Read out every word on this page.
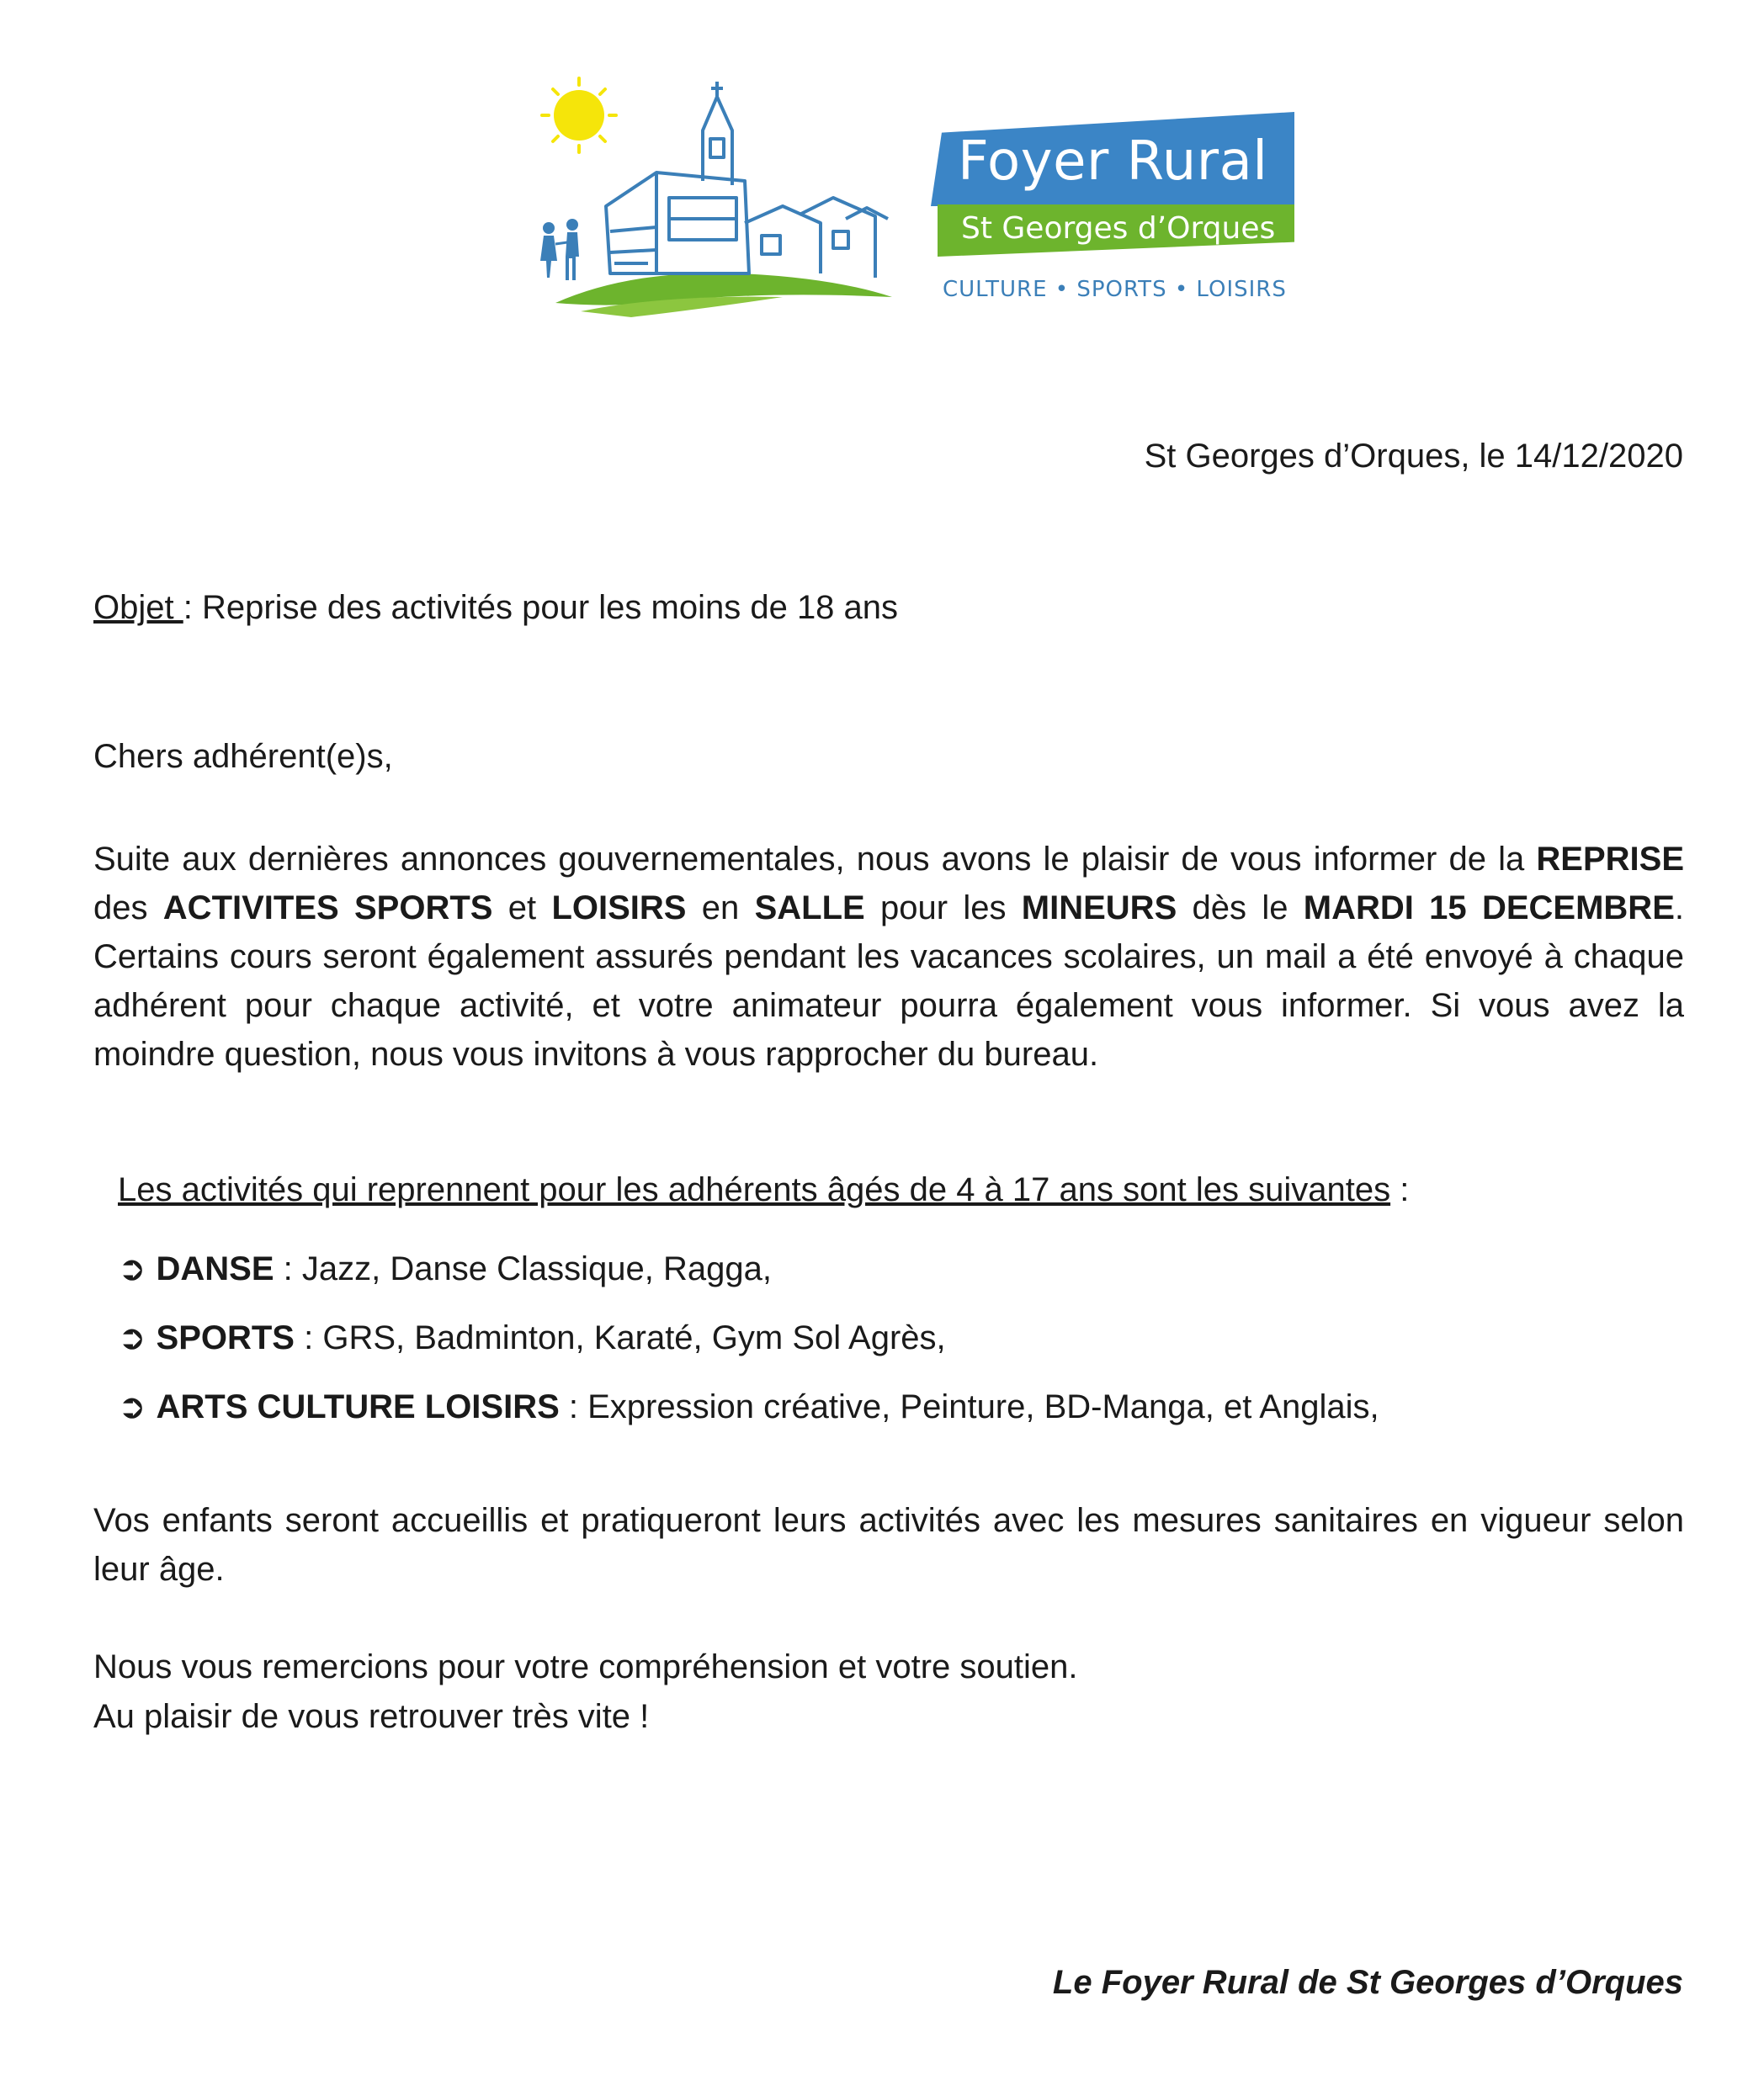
Foyer Rural
St Georges d’Orques
CULTURE • SPORTS • LOISIRS
St Georges d’Orques, le 14/12/2020
Objet : Reprise des activités pour les moins de 18 ans
Chers adhérent(e)s,
Suite aux dernières annonces gouvernementales, nous avons le plaisir de vous informer de la REPRISE des ACTIVITES SPORTS et LOISIRS en SALLE pour les MINEURS dès le MARDI 15 DECEMBRE. Certains cours seront également assurés pendant les vacances scolaires, un mail a été envoyé à chaque adhérent pour chaque activité, et votre animateur pourra également vous informer. Si vous avez la moindre question, nous vous invitons à vous rapprocher du bureau.
Les activités qui reprennent pour les adhérents âgés de 4 à 17 ans sont les suivantes :
➲ DANSE : Jazz, Danse Classique, Ragga,
➲ SPORTS : GRS, Badminton, Karaté, Gym Sol Agrès,
➲ ARTS CULTURE LOISIRS : Expression créative, Peinture, BD-Manga, et Anglais,
Vos enfants seront accueillis et pratiqueront leurs activités avec les mesures sanitaires en vigueur selon leur âge.
Nous vous remercions pour votre compréhension et votre soutien.
Au plaisir de vous retrouver très vite !
Le Foyer Rural de St Georges d’Orques
